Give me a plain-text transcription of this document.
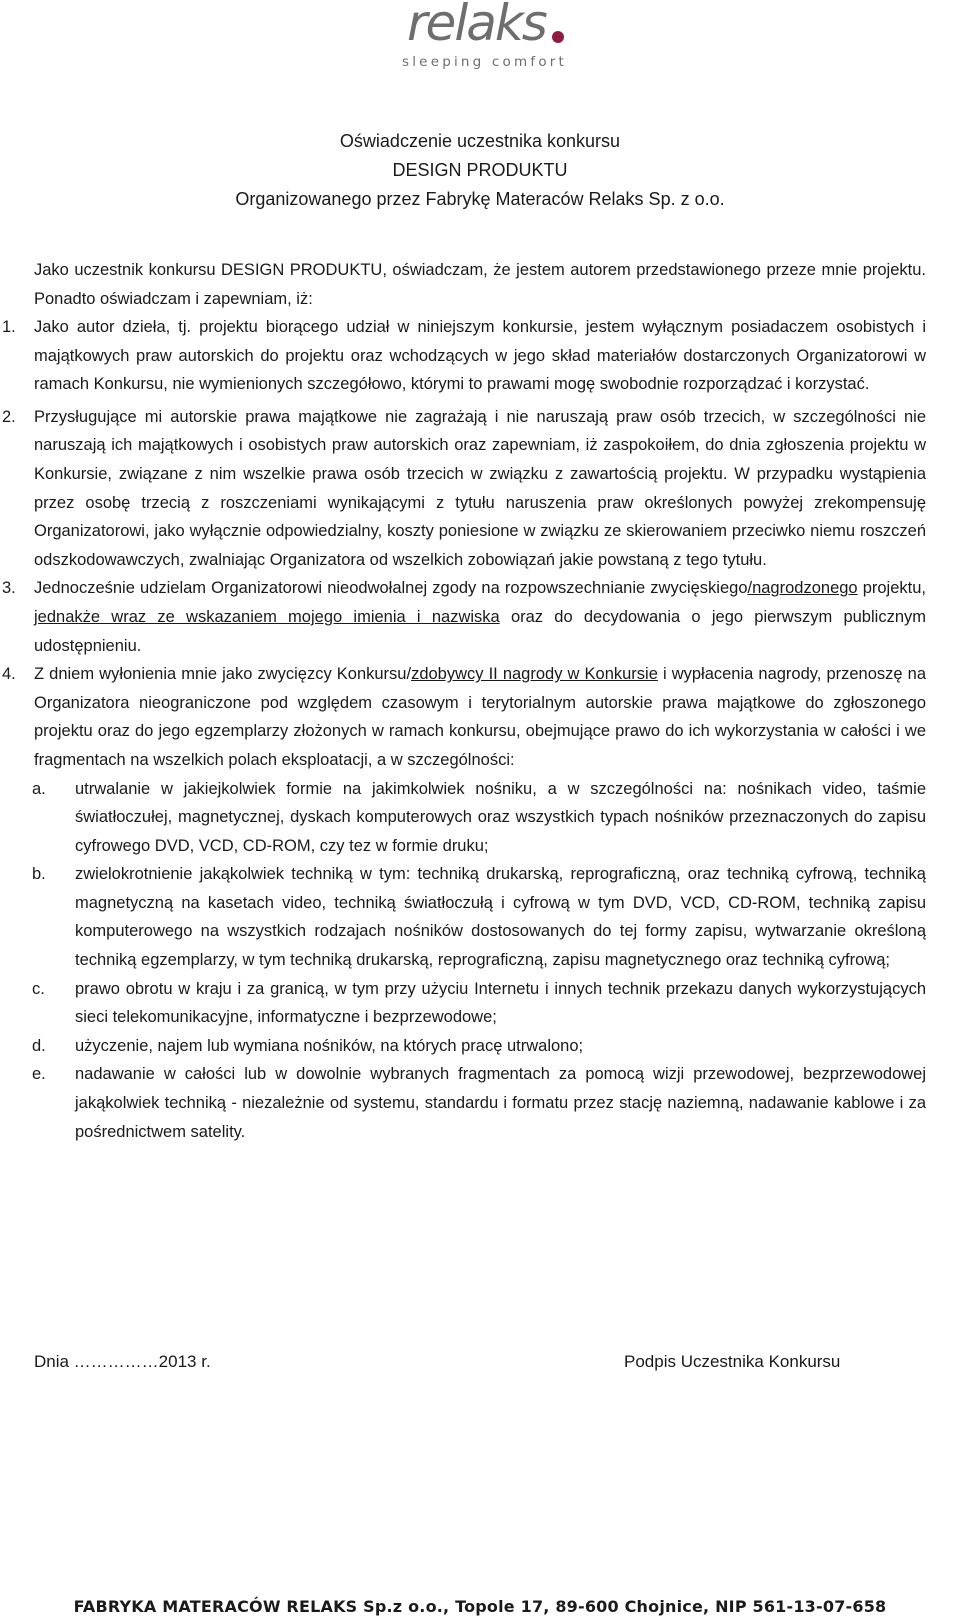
relaks
sleeping comfort
Oświadczenie uczestnika konkursu
DESIGN PRODUKTU
Organizowanego przez Fabrykę Materaców Relaks Sp. z o.o.

Jako uczestnik konkursu DESIGN PRODUKTU, oświadczam, że jestem autorem przedstawionego przeze mnie projektu. Ponadto oświadczam i zapewniam, iż:

1. Jako autor dzieła, tj. projektu biorącego udział w niniejszym konkursie, jestem wyłącznym posiadaczem osobistych i majątkowych praw autorskich do projektu oraz wchodzących w jego skład materiałów dostarczonych Organizatorowi w ramach Konkursu, nie wymienionych szczegółowo, którymi to prawami mogę swobodnie rozporządzać i korzystać.
2. Przysługujące mi autorskie prawa majątkowe nie zagrażają i nie naruszają praw osób trzecich, w szczególności nie naruszają ich majątkowych i osobistych praw autorskich oraz zapewniam, iż zaspokoiłem, do dnia zgłoszenia projektu w Konkursie, związane z nim wszelkie prawa osób trzecich w związku z zawartością projektu. W przypadku wystąpienia przez osobę trzecią z roszczeniami wynikającymi z tytułu naruszenia praw określonych powyżej zrekompensuję Organizatorowi, jako wyłącznie odpowiedzialny, koszty poniesione w związku ze skierowaniem przeciwko niemu roszczeń odszkodowawczych, zwalniając Organizatora od wszelkich zobowiązań jakie powstaną z tego tytułu.
3. Jednocześnie udzielam Organizatorowi nieodwołalnej zgody na rozpowszechnianie zwycięskiego/nagrodzonego projektu, jednakże wraz ze wskazaniem mojego imienia i nazwiska oraz do decydowania o jego pierwszym publicznym udostępnieniu.
4. Z dniem wyłonienia mnie jako zwycięzcy Konkursu/zdobywcy II nagrody w Konkursie i wypłacenia nagrody, przenoszę na Organizatora nieograniczone pod względem czasowym i terytorialnym autorskie prawa majątkowe do zgłoszonego projektu oraz do jego egzemplarzy złożonych w ramach konkursu, obejmujące prawo do ich wykorzystania w całości i we fragmentach na wszelkich polach eksploatacji, a w szczególności:
a. utrwalanie w jakiejkolwiek formie na jakimkolwiek nośniku, a w szczególności na: nośnikach video, taśmie światłoczułej, magnetycznej, dyskach komputerowych oraz wszystkich typach nośników przeznaczonych do zapisu cyfrowego DVD, VCD, CD-ROM, czy tez w formie druku;
b. zwielokrotnienie jakąkolwiek techniką w tym: techniką drukarską, reprograficzną, oraz techniką cyfrową, techniką magnetyczną na kasetach video, techniką światłoczułą i cyfrową w tym DVD, VCD, CD-ROM, techniką zapisu komputerowego na wszystkich rodzajach nośników dostosowanych do tej formy zapisu, wytwarzanie określoną techniką egzemplarzy, w tym techniką drukarską, reprograficzną, zapisu magnetycznego oraz techniką cyfrową;
c. prawo obrotu w kraju i za granicą, w tym przy użyciu Internetu i innych technik przekazu danych wykorzystujących sieci telekomunikacyjne, informatyczne i bezprzewodowe;
d. użyczenie, najem lub wymiana nośników, na których pracę utrwalono;
e. nadawanie w całości lub w dowolnie wybranych fragmentach za pomocą wizji przewodowej, bezprzewodowej jakąkolwiek techniką - niezależnie od systemu, standardu i formatu przez stację naziemną, nadawanie kablowe i za pośrednictwem satelity.
Dnia ……………2013 r.	Podpis Uczestnika Konkursu
FABRYKA MATERACÓW RELAKS Sp.z o.o., Topole 17, 89-600 Chojnice, NIP 561-13-07-658
